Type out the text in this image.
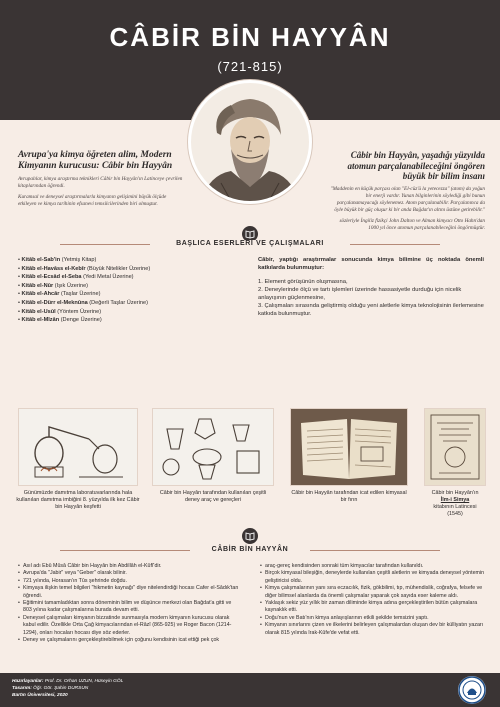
CÂBİR BİN HAYYÂN
(721-815)
Avrupa'ya kimya öğreten alim, Modern Kimyanın kurucusu: Câbir bin Hayyân

Avrupalılar, kimya araştırma teknikleri Câbir bin Hayyân'ın Latinceye çevrilen kitaplarından öğrendi.

Kuramsal ve deneysel araştırmalarla kimyanın gelişimini büyük ölçüde etkileyen ve kimya tarihinin efsanevi temsilcilerinden biri olmuştur.

Câbir bin Hayyân, yaşadığı yüzyılda atomun parçalanabileceğini öngören büyük bir bilim insanı

"Maddenin en küçük parçası olan "El-cüz'ü la yetecezza" (atom) da yoğun bir enerji vardır. Yunan bilginlerinin söylediği gibi bunun parçalanamayacağı söylenemez. Atom parçalanabilir. Parçalanınca da öyle büyük bir güç oluşur ki bir anda Bağdat'ın altını üstüne getirebilir."

sözleriyle İngiliz fizikçi John Dalton ve Alman kimyacı Otto Hahn'dan 1000 yıl önce atomun parçalanabileceğini öngörmüştür.

BAŞLICA ESERLERİ VE ÇALIŞMALARI
• Kitâb el-Sab'in (Yetmiş Kitap)
• Kitâb el-Havâss el-Kebîr (Büyük Nitelikler Üzerine)
• Kitâb el-Ecsâd el-Seba (Yedi Metal Üzerine)
• Kitâb el-Nûr (Işık Üzerine)
• Kitâb el-Ahcâr (Taşlar Üzerine)
• Kitâb el-Dürr el-Meknûna (Değerli Taşlar Üzerine)
• Kitâb el-Usûl (Yöntem Üzerine)
• Kitâb el-Mîzân (Denge Üzerine)
Câbir, yaptığı araştırmalar sonucunda kimya bilimine üç noktada önemli katkılarda bulunmuştur:

1. Element görüşünün oluşmasına,

2. Deneylerinde ölçü ve tartı işlemleri üzerinde hassasiyetle durduğu için nicelik anlayışının güçlenmesine,
3. Çalışmaları sırasında geliştirmiş olduğu yeni aletlerle kimya teknolojisinin ilerlemesine katkıda bulunmuştur.
Günümüzde damıtma laboratuvarlarında hala kullanılan damıtma imbiğini 8. yüzyılda ilk kez Câbir bin Hayyân keşfetti
Câbir bin Hayyân tarafından kullanılan çeşitli deney araç ve gereçleri
Câbir bin Hayyân tarafından icat edilen kimyasal bir fırın
Câbir bin Hayyân'ın
İlm-i Simya
kitabının Latincesi
(1545)
CÂBİR BİN HAYYÂN
• Asıl adı Ebû Mûsâ Câbir bin Hayyân bin Abdillâh el-Kûfî'dir.
• Avrupa'da "Jabir" veya "Geber" olarak bilinir.
• 721 yılında, Horasan'ın Tûs şehrinde doğdu.
• Kimyaya ilişkin temel bilgileri "hikmetin kaynağı" diye nitelendirdiği hocası Cafer el-Sâdık'tan öğrendi.
• Eğitimini tamamladıktan sonra döneminin bilim ve düşünce merkezi olan Bağdat'a gitti ve 803 yılına kadar çalışmalarına burada devam etti.
• Deneysel çalışmaları kimyanın bizzatinde sunmasıyla modern kimyanın kurucusu olarak kabul edilir. Özellikle Orta Çağ kimyacılarından el-Râzî (865-925) ve Roger Bacon (1214-1294), onları hocaları hocası diye söz ederler.
• Deney ve çalışmalarını gerçekleştirebilmek için çoğunu kendisinin icat ettiği pek çok
• araç-gereç kendisinden sonraki tüm kimyacılar tarafından kullanıldı.
• Birçok kimyasal bileşiğin, deneylerde kullanılan çeşitli aletlerin ve kimyada deneysel yöntemin geliştiricisi oldu.
• Kimya çalışmalarının yanı sıra eczacılık, fizik, gökbilimi, tıp, mühendislik, coğrafya, felsefe ve diğer bilimsel alanlarda da önemli çalışmalar yaparak çok sayıda eser kaleme aldı.
• Yaklaşık sekiz yüz yıllık bir zaman diliminde kimya adına gerçekleştirilen bütün çalışmalara kaynaklık etti.
• Doğu'nun ve Batı'nın kimya anlayışlarının etkili şekilde temsizini yaptı.
• Kimyanın sınırlarını çizen ve ilkelerini belirleyen çalışmalardan oluşan dev bir külliyatın yazarı olarak 815 yılında Irak-Kûfe'de vefat etti.
Hazırlayanlar: Prof. Dr. Orhan UZUN, Hüseyin GÖL
Tasarım: Öğr. Gör. Şahin DURSUN
Bartın Üniversitesi, 2020
